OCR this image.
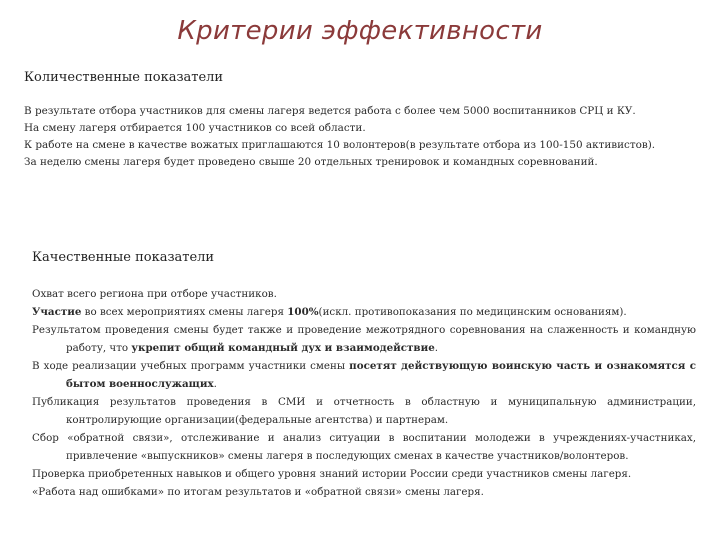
Критерии эффективности
Количественные показатели

В результате отбора участников для смены лагеря ведется работа с более чем 5000 воспитанников СРЦ и КУ.

На смену лагеря отбирается 100 участников со всей области.

К работе на смене в качестве вожатых приглашаются 10 волонтеров(в результате отбора из 100-150 активистов).

За неделю смены лагеря будет проведено свыше 20 отдельных тренировок и командных соревнований.

Качественные показатели

Охват всего региона при отборе участников.

Участие во всех мероприятиях смены лагеря 100%(искл. противопоказания по медицинским основаниям).

Результатом проведения смены будет также и проведение межотрядного соревнования на слаженность и командную работу, что укрепит общий командный дух и взаимодействие.

В ходе реализации учебных программ участники смены посетят действующую воинскую часть и ознакомятся с бытом военнослужащих.

Публикация результатов проведения в СМИ и отчетность в областную и муниципальную администрации, контролирующие организации(федеральные агентства) и партнерам.

Сбор «обратной связи», отслеживание и анализ ситуации в воспитании молодежи в учреждениях-участниках, привлечение «выпускников» смены лагеря в последующих сменах в качестве участников/волонтеров.

Проверка приобретенных навыков и общего уровня знаний истории России среди участников смены лагеря.

«Работа над ошибками» по итогам результатов и «обратной связи» смены лагеря.
